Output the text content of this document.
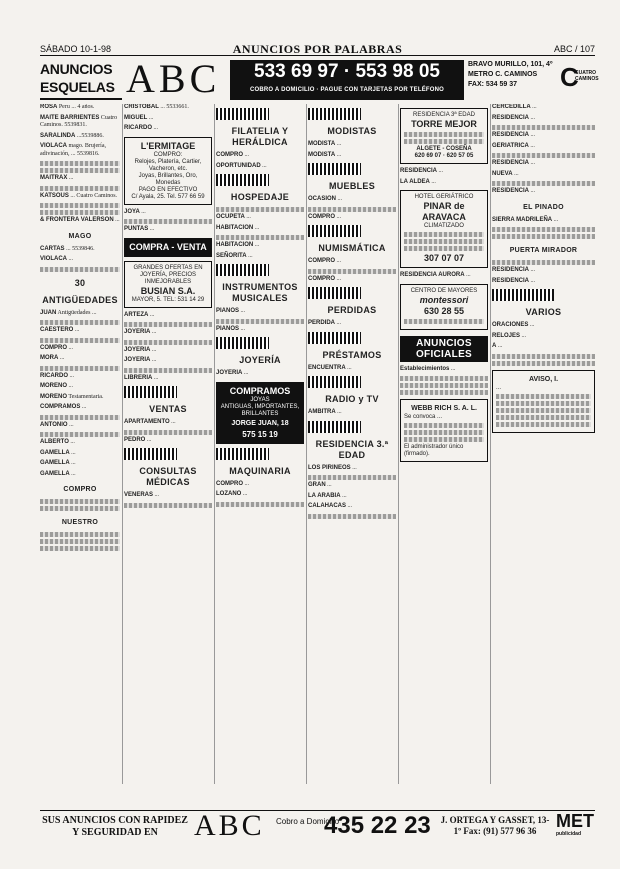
SÁBADO 10-1-98	ANUNCIOS POR PALABRAS	ABC / 107
ANUNCIOS
ESQUELAS ABC	533 69 97 · 553 98 05
COBRO A DOMICILIO · PAGUE CON TARJETAS POR TELÉFONO
BRAVO MURILLO, 101, 4º
METRO C. CAMINOS
FAX: 534 59 37	C
CUATRO CAMINOS
ROSA Peru ... 4 años.
MAITE BARRIENTES Cuatro Caminos. 5539831.
SARALINDA ...5539886.
VIOLACA mago. Brujería, adivinación, ... 5539816.
MAITRAX ...
KATSOUS ... Cuatro Caminos.
& FRONTERA VALERSON ...
MAGO
CARTAS ... 5539846.
VIOLACA ...
30
ANTIGÜEDADES
JUAN Antigüedades ...
CAESTERO ...
COMPRO ...
MORA ...
RICARDO ...
MORENO ...
MORENO Testamentaria.
COMPRAMOS ...
ANTONIO ...
ALBERTO ...
GAMELLA ...
GAMELLA ...
GAMELLA ...
COMPRO
NUESTRO
CRISTOBAL ... 5533661.
MIGUEL ...
RICARDO ...
L'ERMITAGE
COMPRO:
Relojes, Platería, Cartier, Vacheron, etc.
Joyas, Brillantes, Oro, Monedas
PAGO EN EFECTIVO
C/ Ayala, 25. Tel. 577 66 59
JOYA ...
PUNTAS ...
COMPRA - VENTA
GRANDES OFERTAS EN JOYERÍA, PRECIOS INMEJORABLES
BUSIAN S.A.
MAYOR, 5. TEL: 531 14 29
ARTEZA ...
JOYERIA ...
JOYERIA ...
JOYERIA ...
LIBRERIA ...
VENTAS
APARTAMENTO ...
PEDRO ...
CONSULTAS MÉDICAS
VENERAS ...
FILATELIA Y HERÁLDICA
COMPRO ...
OPORTUNIDAD ...
HOSPEDAJE
OCUPETA ...
HABITACION ...
HABITACION ...
SEÑORITA ...
INSTRUMENTOS MUSICALES
PIANOS ...
PIANOS ...
JOYERÍA
JOYERIA ...
COMPRAMOS
JOYAS
ANTIGUAS, IMPORTANTES, BRILLANTES
JORGE JUAN, 18
575 15 19
MAQUINARIA
COMPRO ...
LOZANO ...
MODISTAS
MODISTA ...
MODISTA ...
MUEBLES
OCASION ...
COMPRO ...
NUMISMÁTICA
COMPRO ...
COMPRO ...
PERDIDAS
PERDIDA ...
PRÉSTAMOS
ENCUENTRA ...
RADIO y TV
AMBITRA ...
RESIDENCIA 3.ª EDAD
LOS PIRINEOS ...
GRAN ...
LA ARABIA ...
CALAHACAS ...
RESIDENCIA 3ª EDAD
TORRE MEJOR
ALGETE - COSEÑA
620 69 07 · 620 57 05
RESIDENCIA ...
LA ALDEA ...
HOTEL GERIÁTRICO
PINAR de ARAVACA
CLIMATIZADO
307 07 07
RESIDENCIA AURORA ...
CENTRO DE MAYORES
montessori
630 28 55
ANUNCIOS OFICIALES
Establecimientos ...
WEBB RICH S. A. L.
Se convoca ...
El administrador único (firmado).
CERCEDILLA ...
RESIDENCIA ...
RESIDENCIA ...
GERIATRICA ...
RESIDENCIA ...
NUEVA ...
RESIDENCIA ...
EL PINADO
SIERRA MADRILEÑA ...
PUERTA MIRADOR
RESIDENCIA ...
RESIDENCIA ...
VARIOS
ORACIONES ...
RELOJES ...
A ...
AVISO, I.
...
SUS ANUNCIOS CON RAPIDEZ Y SEGURIDAD EN	ABC Cobro a Domicilio
435 22 23 J. ORTEGA Y GASSET, 13-1º Fax: (91) 577 96 36	MET
publicidad
